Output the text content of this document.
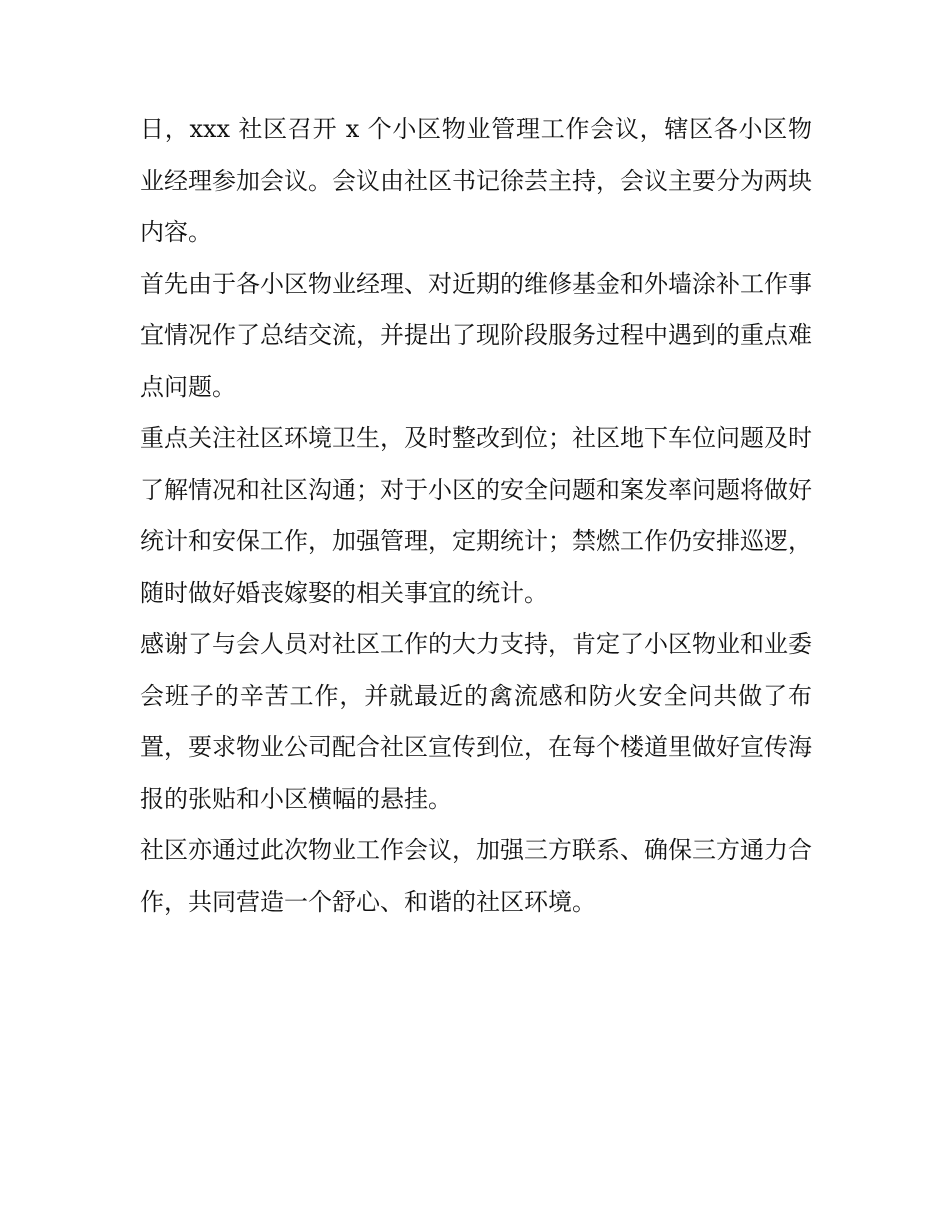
日，xxx 社区召开 x 个小区物业管理工作会议，辖区各小区物业经理参加会议。会议由社区书记徐芸主持，会议主要分为两块内容。

首先由于各小区物业经理、对近期的维修基金和外墙涂补工作事宜情况作了总结交流，并提出了现阶段服务过程中遇到的重点难点问题。

重点关注社区环境卫生，及时整改到位；社区地下车位问题及时了解情况和社区沟通；对于小区的安全问题和案发率问题将做好统计和安保工作，加强管理，定期统计；禁燃工作仍安排巡逻，随时做好婚丧嫁娶的相关事宜的统计。

感谢了与会人员对社区工作的大力支持，肯定了小区物业和业委会班子的辛苦工作，并就最近的禽流感和防火安全问共做了布置，要求物业公司配合社区宣传到位，在每个楼道里做好宣传海报的张贴和小区横幅的悬挂。

社区亦通过此次物业工作会议，加强三方联系、确保三方通力合作，共同营造一个舒心、和谐的社区环境。
